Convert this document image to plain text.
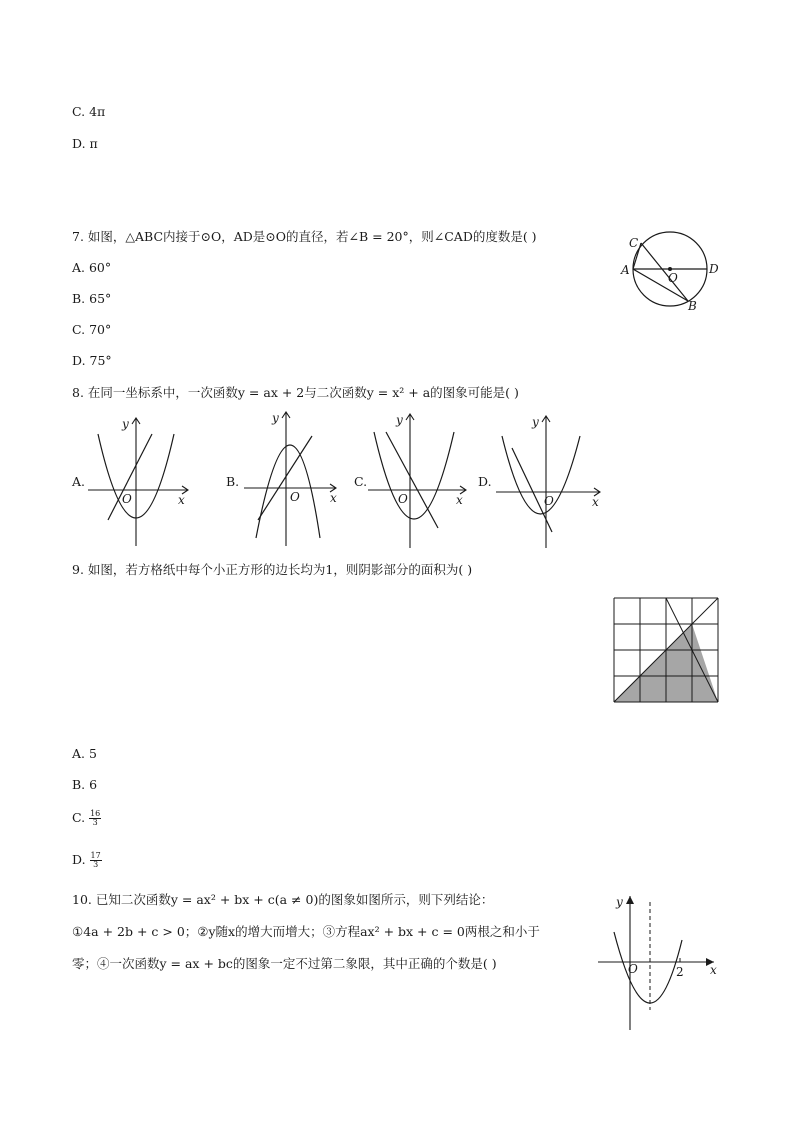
C. 4π
D. π
7. 如图，△ABC内接于⊙O，AD是⊙O的直径，若∠B = 20°，则∠CAD的度数是( )
A. 60°
B. 65°
C. 70°
D. 75°
C
A
O
D
B
8. 在同一坐标系中，一次函数y = ax + 2与二次函数y = x² + a的图象可能是( )
A.
x
y
O
B.
x
y
O
C.
x
y
O
D.
x
y
O
9. 如图，若方格纸中每个小正方形的边长均为1，则阴影部分的面积为( )
A. 5
B. 6
C. $\frac{16}{3}$
D. $\frac{17}{3}$
10. 已知二次函数y = ax² + bx + c(a ≠ 0)的图象如图所示，则下列结论：
①4a + 2b + c > 0；②y随x的增大而增大；③方程ax² + bx + c = 0两根之和小于
零；④一次函数y = ax + bc的图象一定不过第二象限，其中正确的个数是( )
y
x
O	2
